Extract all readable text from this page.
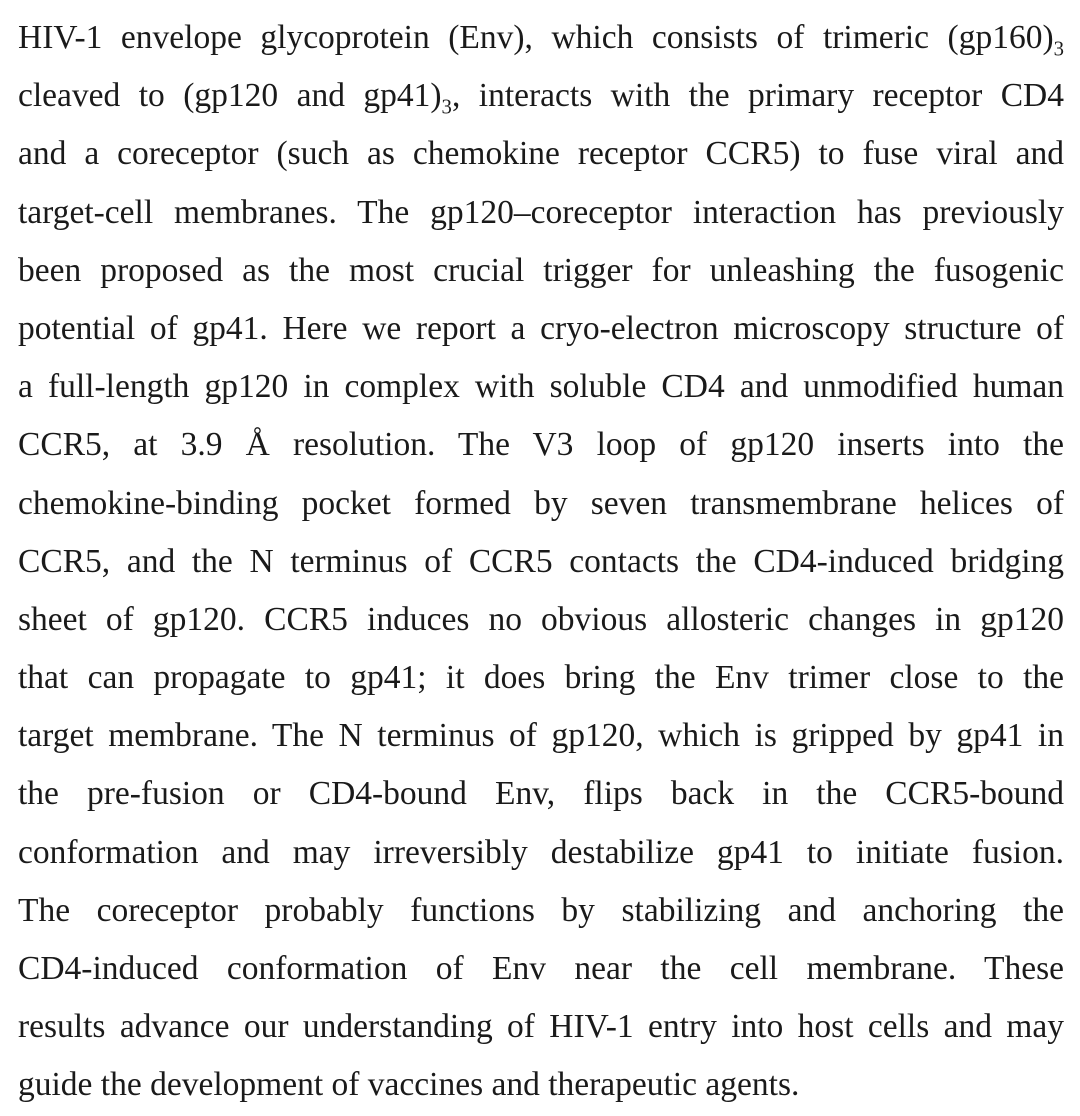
HIV-1 envelope glycoprotein (Env), which consists of trimeric $(gp160)_3$
cleaved to (gp120 and $gp41)_3$, interacts with the primary receptor CD4
and a coreceptor (such as chemokine receptor CCR5) to fuse viral and
target-cell membranes. The gp120–coreceptor interaction has previously
been proposed as the most crucial trigger for unleashing the fusogenic
potential of gp41. Here we report a cryo-electron microscopy structure of
a full-length gp120 in complex with soluble CD4 and unmodified human
CCR5, at 3.9 Å resolution. The V3 loop of gp120 inserts into the
chemokine-binding pocket formed by seven transmembrane helices of
CCR5, and the N terminus of CCR5 contacts the CD4-induced bridging
sheet of gp120. CCR5 induces no obvious allosteric changes in gp120
that can propagate to gp41; it does bring the Env trimer close to the
target membrane. The N terminus of gp120, which is gripped by gp41 in
the pre-fusion or CD4-bound Env, flips back in the CCR5-bound
conformation and may irreversibly destabilize gp41 to initiate fusion.
The coreceptor probably functions by stabilizing and anchoring the
CD4-induced conformation of Env near the cell membrane. These
results advance our understanding of HIV-1 entry into host cells and may
guide the development of vaccines and therapeutic agents.
